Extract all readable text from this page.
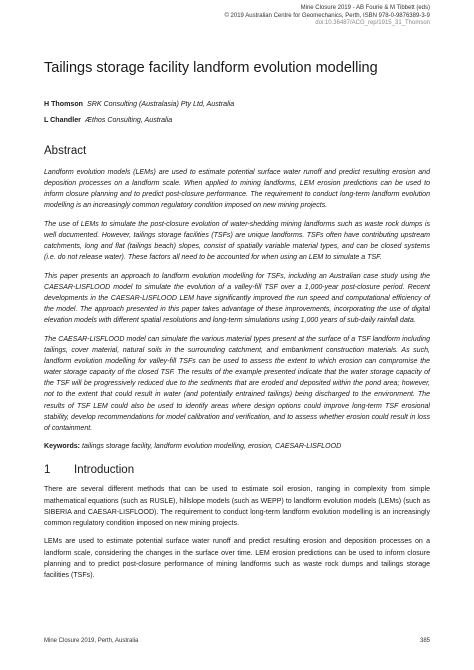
Mine Closure 2019 - AB Fourie & M Tibbett (eds)
© 2019 Australian Centre for Geomechanics, Perth, ISBN 978-0-9876389-3-9
doi:10.36487/ACG_rep/1915_31_Thomson
Tailings storage facility landform evolution modelling
H Thomson SRK Consulting (Australasia) Pty Ltd, Australia
L Chandler Æthos Consulting, Australia
Abstract

Landform evolution models (LEMs) are used to estimate potential surface water runoff and predict resulting erosion and deposition processes on a landform scale. When applied to mining landforms, LEM erosion predictions can be used to inform closure planning and to predict post-closure performance. The requirement to conduct long-term landform evolution modelling is an increasingly common regulatory condition imposed on new mining projects.

The use of LEMs to simulate the post-closure evolution of water-shedding mining landforms such as waste rock dumps is well documented. However, tailings storage facilities (TSFs) are unique landforms. TSFs often have contributing upstream catchments, long and flat (tailings beach) slopes, consist of spatially variable material types, and can be closed systems (i.e. do not release water). These factors all need to be accounted for when using an LEM to simulate a TSF.

This paper presents an approach to landform evolution modelling for TSFs, including an Australian case study using the CAESAR-LISFLOOD model to simulate the evolution of a valley-fill TSF over a 1,000-year post-closure period. Recent developments in the CAESAR-LISFLOOD LEM have significantly improved the run speed and computational efficiency of the model. The approach presented in this paper takes advantage of these improvements, incorporating the use of digital elevation models with different spatial resolutions and long-term simulations using 1,000 years of sub-daily rainfall data.

The CAESAR-LISFLOOD model can simulate the various material types present at the surface of a TSF landform including tailings, cover material, natural soils in the surrounding catchment, and embankment construction materials. As such, landform evolution modelling for valley-fill TSFs can be used to assess the extent to which erosion can compromise the water storage capacity of the closed TSF. The results of the example presented indicate that the water storage capacity of the TSF will be progressively reduced due to the sediments that are eroded and deposited within the pond area; however, not to the extent that could result in water (and potentially entrained tailings) being discharged to the environment. The results of TSF LEM could also be used to identify areas where design options could improve long-term TSF erosional stability, develop recommendations for model calibration and verification, and to assess whether erosion could result in loss of containment.

Keywords: tailings storage facility, landform evolution modelling, erosion, CAESAR-LISFLOOD

1	Introduction

There are several different methods that can be used to estimate soil erosion, ranging in complexity from simple mathematical equations (such as RUSLE), hillslope models (such as WEPP) to landform evolution models (LEMs) (such as SIBERIA and CAESAR-LISFLOOD). The requirement to conduct long-term landform evolution modelling is an increasingly common regulatory condition imposed on new mining projects.

LEMs are used to estimate potential surface water runoff and predict resulting erosion and deposition processes on a landform scale, considering the changes in the surface over time. LEM erosion predictions can be used to inform closure planning and to predict post-closure performance of mining landforms such as waste rock dumps and tailings storage facilities (TSFs).

Mine Closure 2019, Perth, Australia	385
